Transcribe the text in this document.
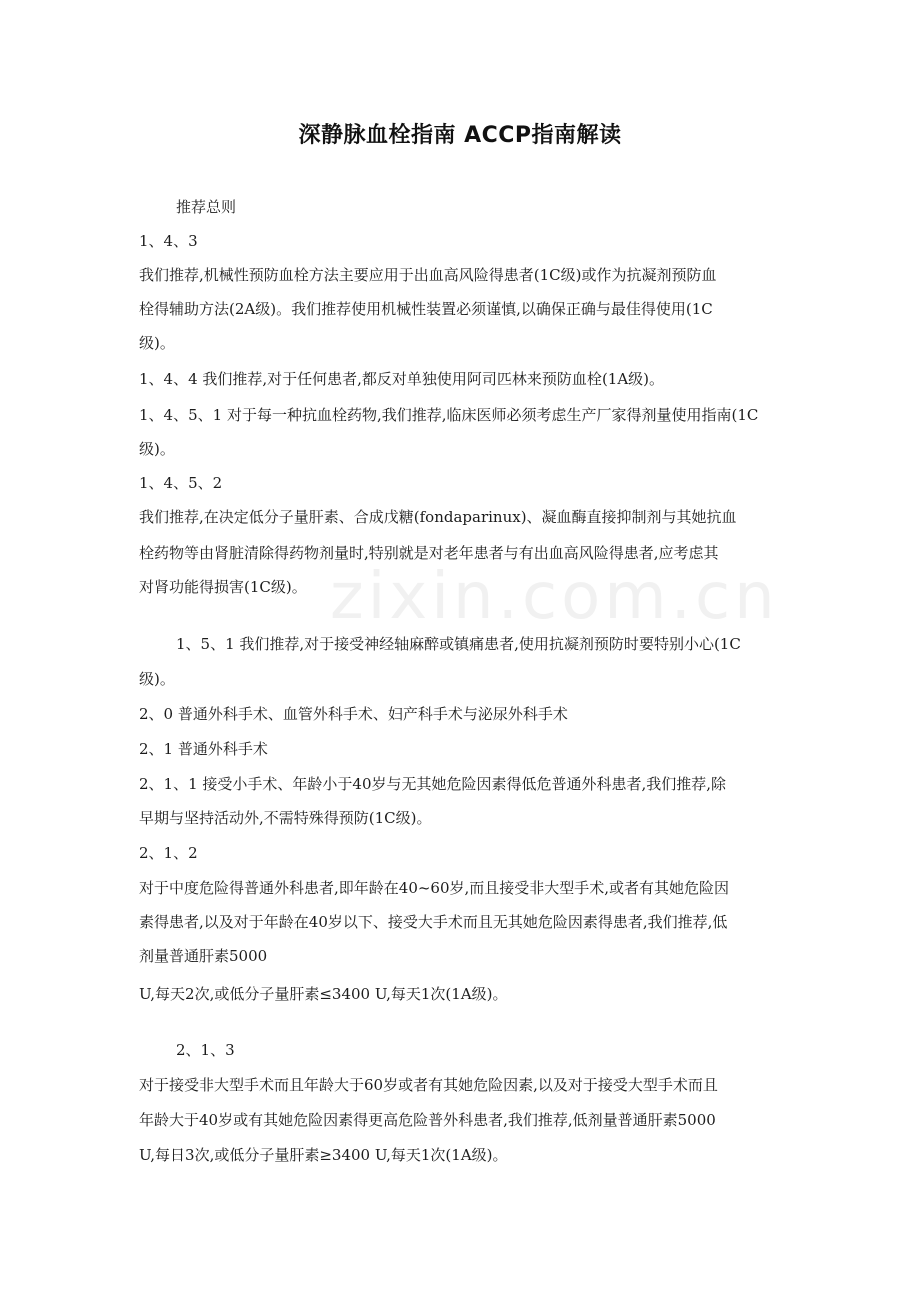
zixin.com.cn
深静脉血栓指南 ACCP指南解读
推荐总则
1、4、3
我们推荐,机械性预防血栓方法主要应用于出血高风险得患者(1C级)或作为抗凝剂预防血
栓得辅助方法(2A级)。我们推荐使用机械性装置必须谨慎,以确保正确与最佳得使用(1C
级)。
1、4、4 我们推荐,对于任何患者,都反对单独使用阿司匹林来预防血栓(1A级)。
1、4、5、1 对于每一种抗血栓药物,我们推荐,临床医师必须考虑生产厂家得剂量使用指南(1C
级)。
1、4、5、2
我们推荐,在决定低分子量肝素、合成戊糖(fondaparinux)、凝血酶直接抑制剂与其她抗血
栓药物等由肾脏清除得药物剂量时,特别就是对老年患者与有出血高风险得患者,应考虑其
对肾功能得损害(1C级)。
1、5、1 我们推荐,对于接受神经轴麻醉或镇痛患者,使用抗凝剂预防时要特别小心(1C
级)。
2、0 普通外科手术、血管外科手术、妇产科手术与泌尿外科手术
2、1 普通外科手术
2、1、1 接受小手术、年龄小于40岁与无其她危险因素得低危普通外科患者,我们推荐,除
早期与坚持活动外,不需特殊得预防(1C级)。
2、1、2
对于中度危险得普通外科患者,即年龄在40~60岁,而且接受非大型手术,或者有其她危险因
素得患者,以及对于年龄在40岁以下、接受大手术而且无其她危险因素得患者,我们推荐,低
剂量普通肝素5000
U,每天2次,或低分子量肝素≤3400 U,每天1次(1A级)。
2、1、3
对于接受非大型手术而且年龄大于60岁或者有其她危险因素,以及对于接受大型手术而且
年龄大于40岁或有其她危险因素得更高危险普外科患者,我们推荐,低剂量普通肝素5000
U,每日3次,或低分子量肝素≥3400 U,每天1次(1A级)。
